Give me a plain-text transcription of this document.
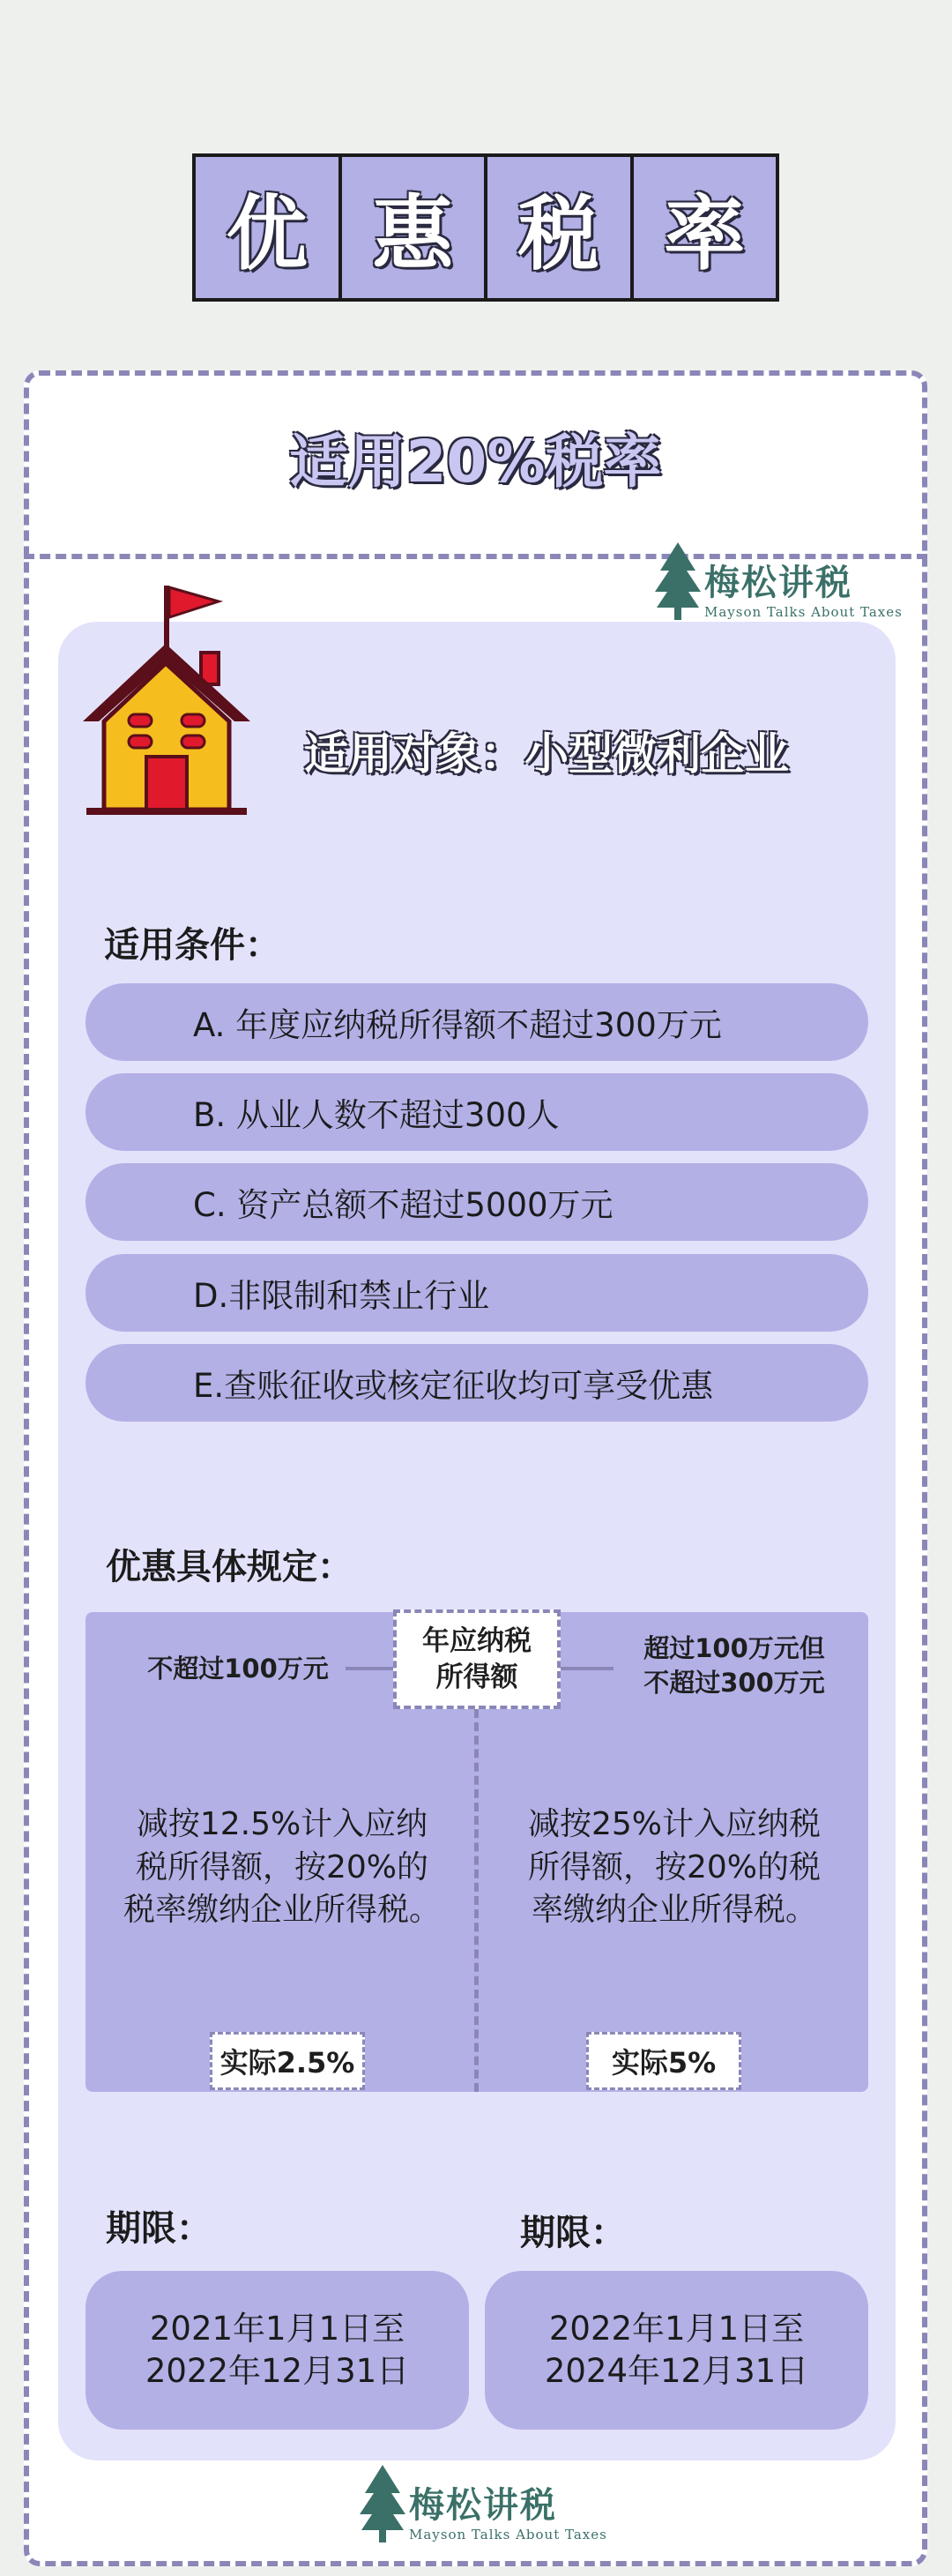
优 惠 税 率
适用20%税率
梅松讲税
Mayson Talks About Taxes
适用对象：小型微利企业
适用条件：
A. 年度应纳税所得额不超过300万元
B. 从业人数不超过300人
C. 资产总额不超过5000万元
D.非限制和禁止行业
E.查账征收或核定征收均可享受优惠
优惠具体规定：
年应纳税
所得额
不超过100万元
超过100万元但
不超过300万元
减按12.5%计入应纳
税所得额，按20%的
税率缴纳企业所得税。
减按25%计入应纳税
所得额，按20%的税
率缴纳企业所得税。
实际2.5%	实际5%
期限：	期限：
2021年1月1日至
2022年12月31日
2022年1月1日至
2024年12月31日
梅松讲税
Mayson Talks About Taxes
